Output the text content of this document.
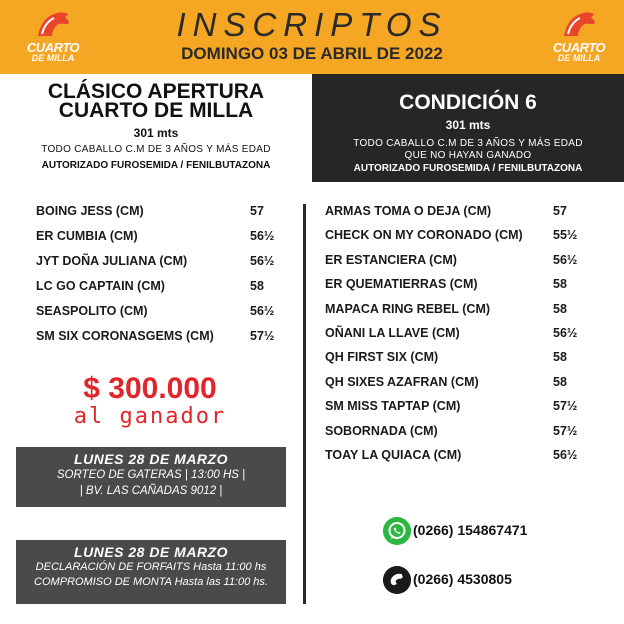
CUARTO
DE MILLA
CUARTO
DE MILLA
INSCRIPTOS
DOMINGO 03 DE ABRIL DE 2022
CLÁSICO APERTURA
CUARTO DE MILLA
301 mts
TODO CABALLO C.M DE 3 AÑOS Y MÁS EDAD
AUTORIZADO FUROSEMIDA / FENILBUTAZONA
CONDICIÓN 6
301 mts
TODO CABALLO C.M DE 3 AÑOS Y MÁS EDAD
QUE NO HAYAN GANADO
AUTORIZADO FUROSEMIDA / FENILBUTAZONA
BOING JESS (CM)	57
ER CUMBIA (CM)	56½
JYT DOÑA JULIANA (CM)	56½
LC GO CAPTAIN (CM)	58
SEASPOLITO (CM)	56½
SM SIX CORONASGEMS (CM)	57½
ARMAS TOMA O DEJA (CM)	57
CHECK ON MY CORONADO (CM) 55½
ER ESTANCIERA (CM)	56½
ER QUEMATIERRAS (CM)	58
MAPACA RING REBEL (CM)	58
OÑANI LA LLAVE (CM)	56½
QH FIRST SIX (CM)	58
QH SIXES AZAFRAN (CM)	58
SM MISS TAPTAP (CM)	57½
SOBORNADA (CM)	57½
TOAY LA QUIACA (CM)	56½
$ 300.000
al ganador
LUNES 28 DE MARZO
SORTEO DE GATERAS | 13:00 HS |
| BV. LAS CAÑADAS 9012 |
LUNES 28 DE MARZO
DECLARACIÓN DE FORFAITS Hasta 11:00 hs
COMPROMISO DE MONTA Hasta las 11:00 hs.
(0266) 154867471
(0266) 4530805
